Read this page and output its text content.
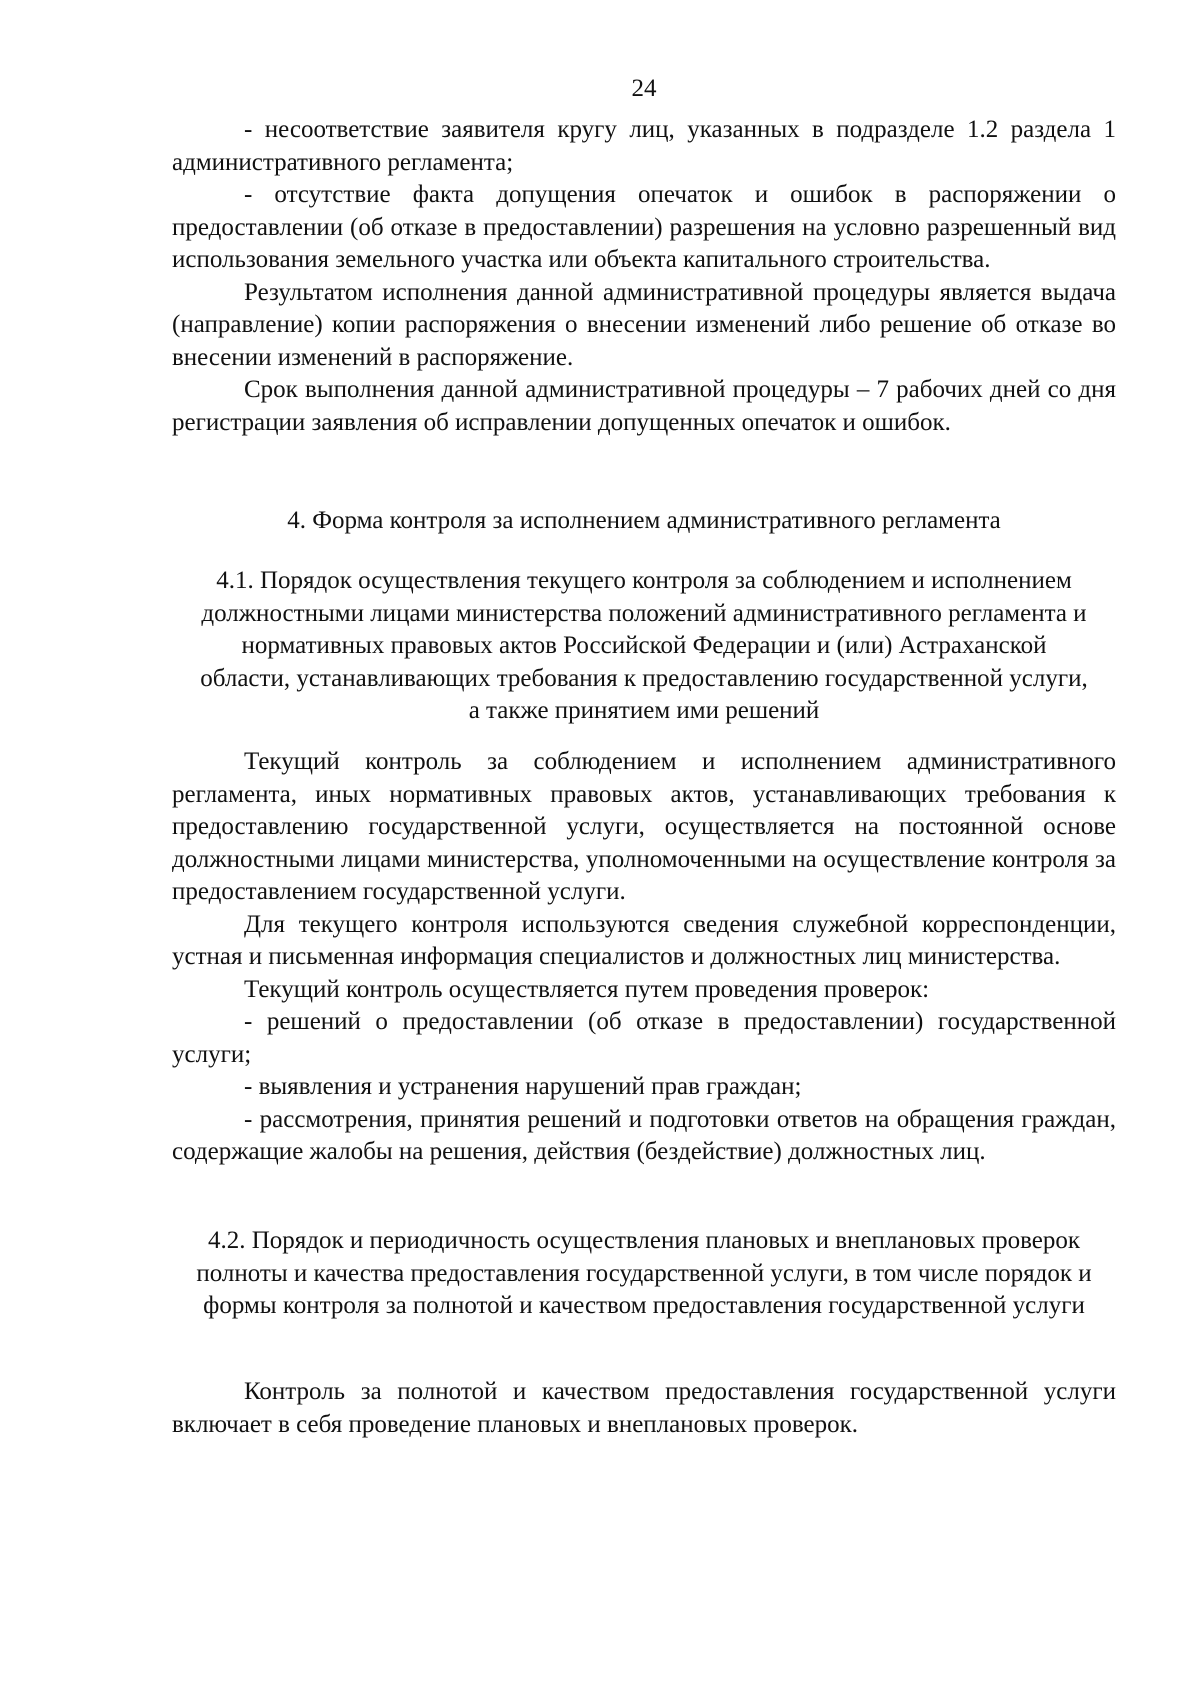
24

- несоответствие заявителя кругу лиц, указанных в подразделе 1.2 раздела 1 административного регламента;

- отсутствие факта допущения опечаток и ошибок в распоряжении о предоставлении (об отказе в предоставлении) разрешения на условно разрешенный вид использования земельного участка или объекта капитального строительства.

Результатом исполнения данной административной процедуры является выдача (направление) копии распоряжения о внесении изменений либо решение об отказе во внесении изменений в распоряжение.

Срок выполнения данной административной процедуры – 7 рабочих дней со дня регистрации заявления об исправлении допущенных опечаток и ошибок.

4. Форма контроля за исполнением административного регламента
4.1. Порядок осуществления текущего контроля за соблюдением и исполнением должностными лицами министерства положений административного регламента и нормативных правовых актов Российской Федерации и (или) Астраханской области, устанавливающих требования к предоставлению государственной услуги, а также принятием ими решений

Текущий контроль за соблюдением и исполнением административного регламента, иных нормативных правовых актов, устанавливающих требования к предоставлению государственной услуги, осуществляется на постоянной основе должностными лицами министерства, уполномоченными на осуществление контроля за предоставлением государственной услуги.

Для текущего контроля используются сведения служебной корреспонденции, устная и письменная информация специалистов и должностных лиц министерства.

Текущий контроль осуществляется путем проведения проверок:

- решений о предоставлении (об отказе в предоставлении) государственной услуги;

- выявления и устранения нарушений прав граждан;

- рассмотрения, принятия решений и подготовки ответов на обращения граждан, содержащие жалобы на решения, действия (бездействие) должностных лиц.

4.2. Порядок и периодичность осуществления плановых и внеплановых проверок полноты и качества предоставления государственной услуги, в том числе порядок и формы контроля за полнотой и качеством предоставления государственной услуги

Контроль за полнотой и качеством предоставления государственной услуги включает в себя проведение плановых и внеплановых проверок.
